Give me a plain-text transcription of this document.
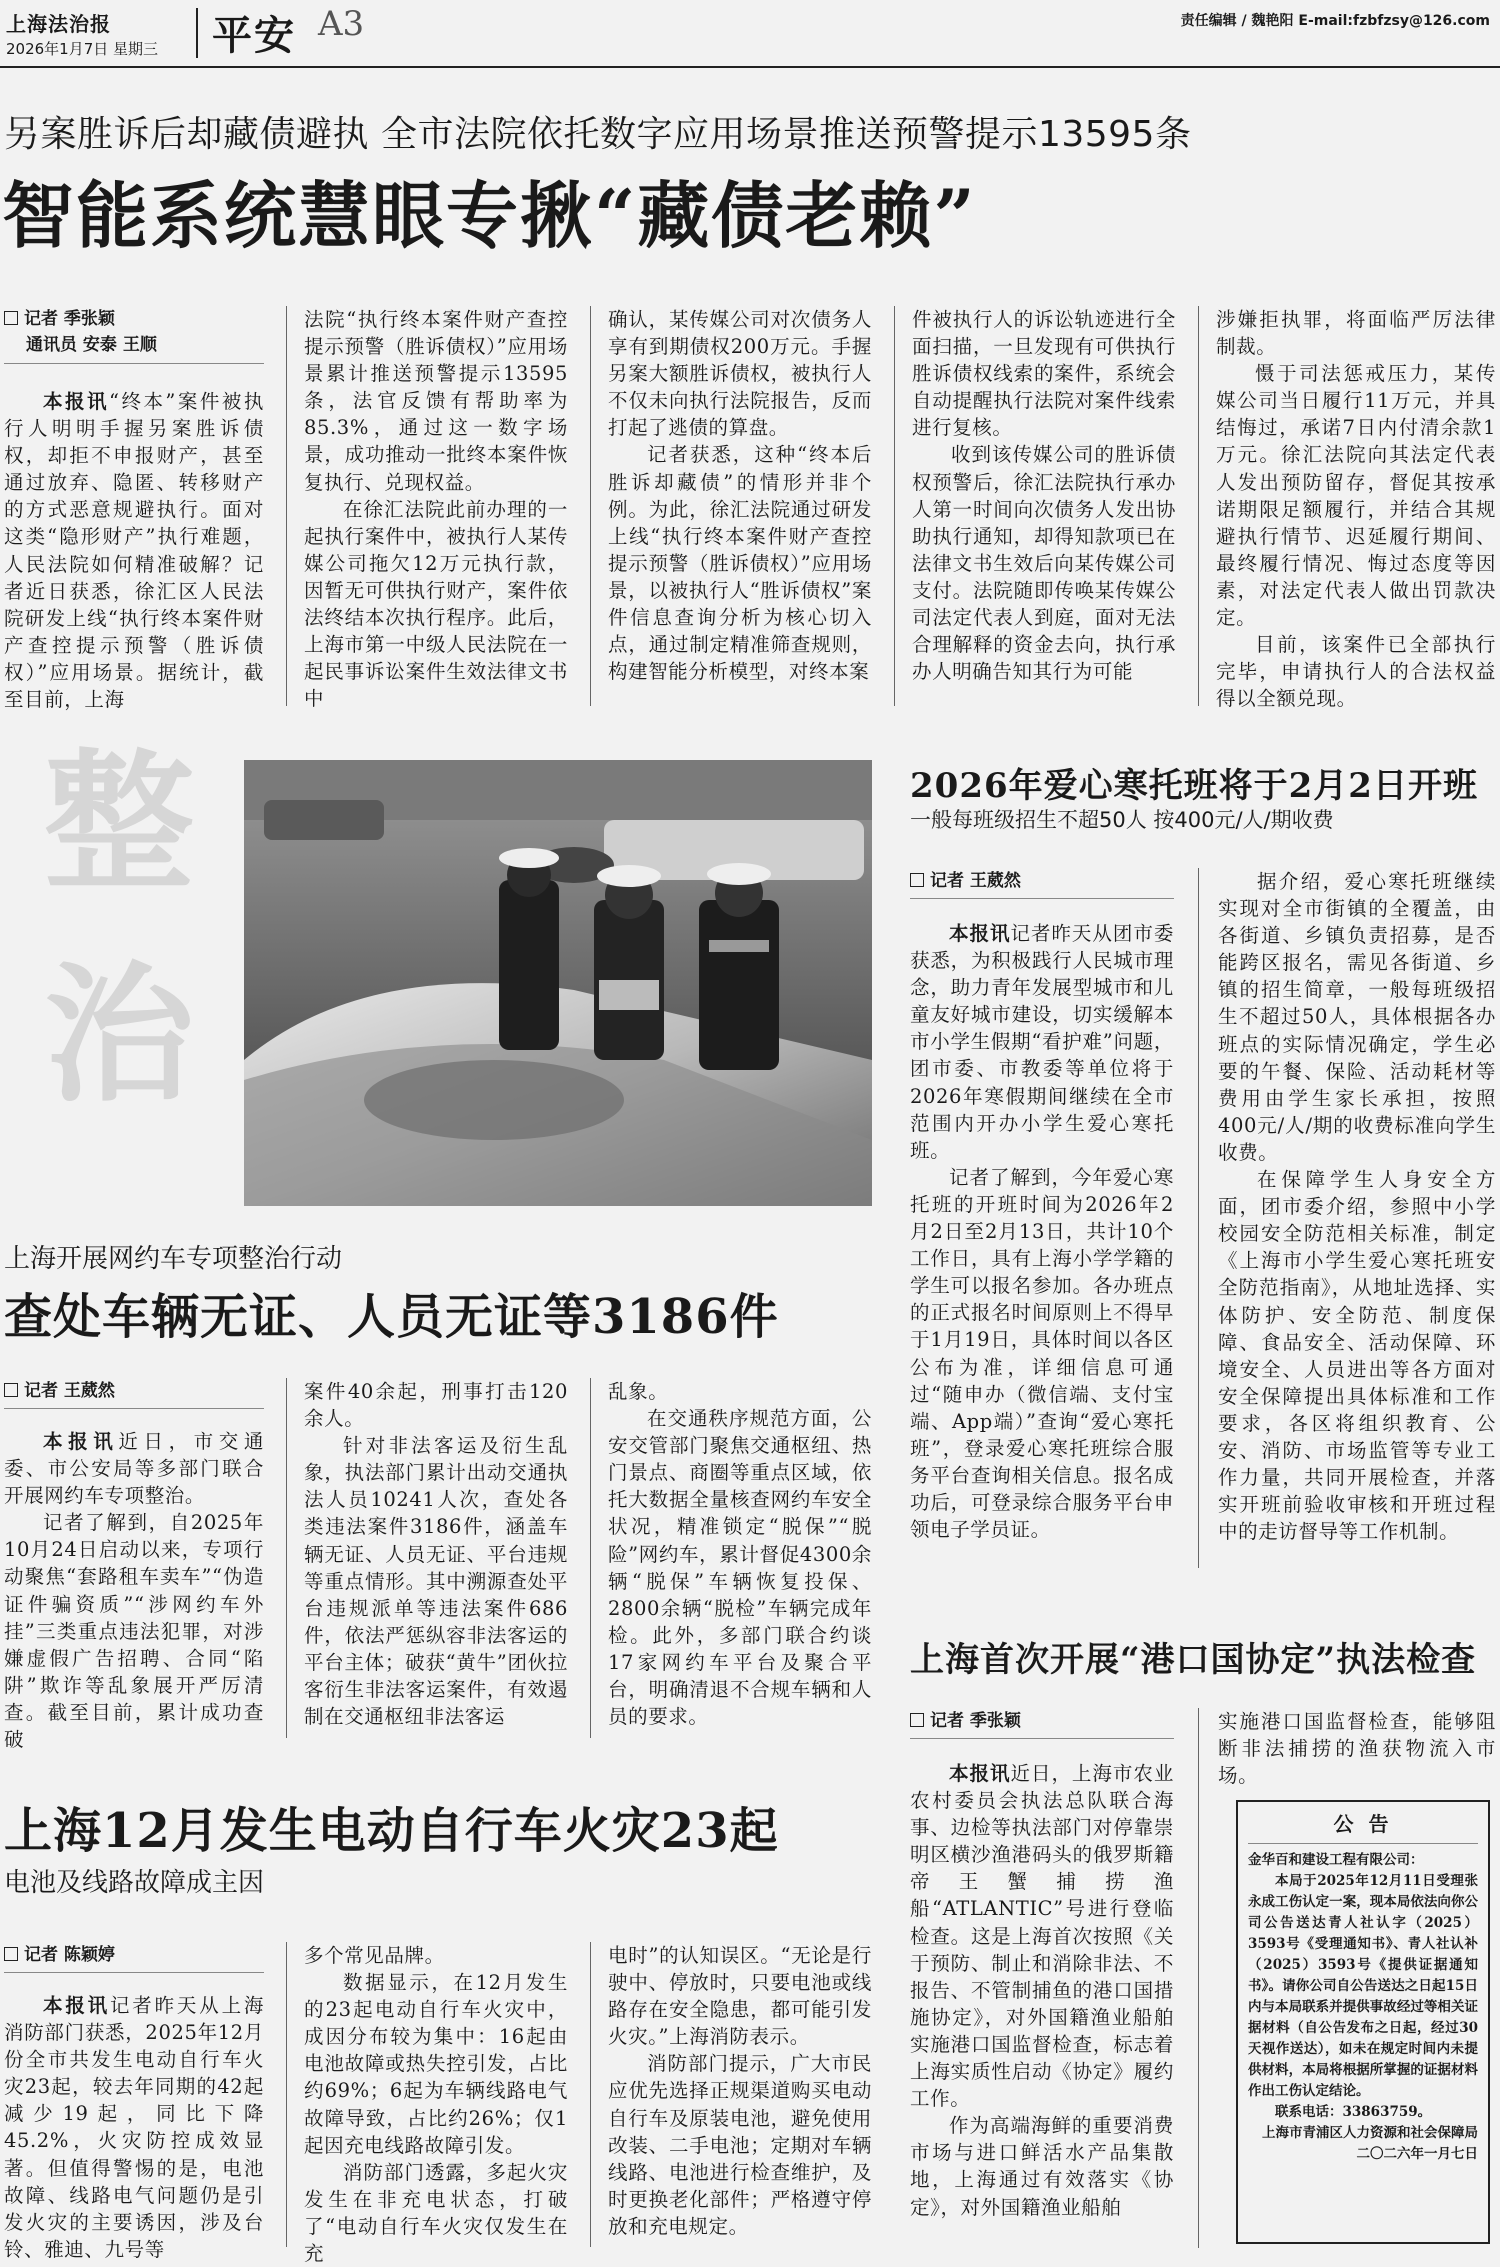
上海法治报
2026年1月7日 星期三 平安 A3	责任编辑 / 魏艳阳 E-mail:fzbfzsy@126.com
另案胜诉后却藏债避执 全市法院依托数字应用场景推送预警提示13595条
智能系统慧眼专揪“藏债老赖”
记者 季张颖
通讯员 安泰 王顺

本报讯“终本”案件被执行人明明手握另案胜诉债权，却拒不申报财产，甚至通过放弃、隐匿、转移财产的方式恶意规避执行。面对这类“隐形财产”执行难题，人民法院如何精准破解？记者近日获悉，徐汇区人民法院研发上线“执行终本案件财产查控提示预警（胜诉债权）”应用场景。据统计，截至目前，上海

法院“执行终本案件财产查控提示预警（胜诉债权）”应用场景累计推送预警提示13595条，法官反馈有帮助率为85.3%，通过这一数字场景，成功推动一批终本案件恢复执行、兑现权益。

在徐汇法院此前办理的一起执行案件中，被执行人某传媒公司拖欠12万元执行款，因暂无可供执行财产，案件依法终结本次执行程序。此后，上海市第一中级人民法院在一起民事诉讼案件生效法律文书中

确认，某传媒公司对次债务人享有到期债权200万元。手握另案大额胜诉债权，被执行人不仅未向执行法院报告，反而打起了逃债的算盘。

记者获悉，这种“终本后胜诉却藏债”的情形并非个例。为此，徐汇法院通过研发上线“执行终本案件财产查控提示预警（胜诉债权）”应用场景，以被执行人“胜诉债权”案件信息查询分析为核心切入点，通过制定精准筛查规则，构建智能分析模型，对终本案

件被执行人的诉讼轨迹进行全面扫描，一旦发现有可供执行胜诉债权线索的案件，系统会自动提醒执行法院对案件线索进行复核。

收到该传媒公司的胜诉债权预警后，徐汇法院执行承办人第一时间向次债务人发出协助执行通知，却得知款项已在法律文书生效后向某传媒公司支付。法院随即传唤某传媒公司法定代表人到庭，面对无法合理解释的资金去向，执行承办人明确告知其行为可能

涉嫌拒执罪，将面临严厉法律制裁。

慑于司法惩戒压力，某传媒公司当日履行11万元，并具结悔过，承诺7日内付清余款1万元。徐汇法院向其法定代表人发出预防留存，督促其按承诺期限足额履行，并结合其规避执行情节、迟延履行期间、最终履行情况、悔过态度等因素，对法定代表人做出罚款决定。

目前，该案件已全部执行完毕，申请执行人的合法权益得以全额兑现。

整
治
上海开展网约车专项整治行动
查处车辆无证、人员无证等3186件
记者 王葳然

本报讯近日，市交通委、市公安局等多部门联合开展网约车专项整治。

记者了解到，自2025年10月24日启动以来，专项行动聚焦“套路租车卖车”“伪造证件骗资质”“涉网约车外挂”三类重点违法犯罪，对涉嫌虚假广告招聘、合同“陷阱”欺诈等乱象展开严厉清查。截至目前，累计成功查破

案件40余起，刑事打击120余人。

针对非法客运及衍生乱象，执法部门累计出动交通执法人员10241人次，查处各类违法案件3186件，涵盖车辆无证、人员无证、平台违规等重点情形。其中溯源查处平台违规派单等违法案件686件，依法严惩纵容非法客运的平台主体；破获“黄牛”团伙拉客衍生非法客运案件，有效遏制在交通枢纽非法客运

乱象。

在交通秩序规范方面，公安交管部门聚焦交通枢纽、热门景点、商圈等重点区域，依托大数据全量核查网约车安全状况，精准锁定“脱保”“脱险”网约车，累计督促4300余辆“脱保”车辆恢复投保、2800余辆“脱检”车辆完成年检。此外，多部门联合约谈17家网约车平台及聚合平台，明确清退不合规车辆和人员的要求。

上海12月发生电动自行车火灾23起
电池及线路故障成主因
记者 陈颖婷

本报讯记者昨天从上海消防部门获悉，2025年12月份全市共发生电动自行车火灾23起，较去年同期的42起减少19起，同比下降45.2%，火灾防控成效显著。但值得警惕的是，电池故障、线路电气问题仍是引发火灾的主要诱因，涉及台铃、雅迪、九号等

多个常见品牌。

数据显示，在12月发生的23起电动自行车火灾中，成因分布较为集中：16起由电池故障或热失控引发，占比约69%；6起为车辆线路电气故障导致，占比约26%；仅1起因充电线路故障引发。

消防部门透露，多起火灾发生在非充电状态，打破了“电动自行车火灾仅发生在充

电时”的认知误区。“无论是行驶中、停放时，只要电池或线路存在安全隐患，都可能引发火灾。”上海消防表示。

消防部门提示，广大市民应优先选择正规渠道购买电动自行车及原装电池，避免使用改装、二手电池；定期对车辆线路、电池进行检查维护，及时更换老化部件；严格遵守停放和充电规定。

2026年爱心寒托班将于2月2日开班
一般每班级招生不超50人 按400元/人/期收费
记者 王葳然

本报讯记者昨天从团市委获悉，为积极践行人民城市理念，助力青年发展型城市和儿童友好城市建设，切实缓解本市小学生假期“看护难”问题，团市委、市教委等单位将于2026年寒假期间继续在全市范围内开办小学生爱心寒托班。

记者了解到，今年爱心寒托班的开班时间为2026年2月2日至2月13日，共计10个工作日，具有上海小学学籍的学生可以报名参加。各办班点的正式报名时间原则上不得早于1月19日，具体时间以各区公布为准，详细信息可通过“随申办（微信端、支付宝端、App端）”查询“爱心寒托班”，登录爱心寒托班综合服务平台查询相关信息。报名成功后，可登录综合服务平台申领电子学员证。

据介绍，爱心寒托班继续实现对全市街镇的全覆盖，由各街道、乡镇负责招募，是否能跨区报名，需见各街道、乡镇的招生简章，一般每班级招生不超过50人，具体根据各办班点的实际情况确定，学生必要的午餐、保险、活动耗材等费用由学生家长承担，按照400元/人/期的收费标准向学生收费。

在保障学生人身安全方面，团市委介绍，参照中小学校园安全防范相关标准，制定《上海市小学生爱心寒托班安全防范指南》，从地址选择、实体防护、安全防范、制度保障、食品安全、活动保障、环境安全、人员进出等各方面对安全保障提出具体标准和工作要求，各区将组织教育、公安、消防、市场监管等专业工作力量，共同开展检查，并落实开班前验收审核和开班过程中的走访督导等工作机制。

上海首次开展“港口国协定”执法检查
记者 季张颖

本报讯近日，上海市农业农村委员会执法总队联合海事、边检等执法部门对停靠崇明区横沙渔港码头的俄罗斯籍帝王蟹捕捞渔船“ATLANTIC”号进行登临检查。这是上海首次按照《关于预防、制止和消除非法、不报告、不管制捕鱼的港口国措施协定》，对外国籍渔业船舶实施港口国监督检查，标志着上海实质性启动《协定》履约工作。

作为高端海鲜的重要消费市场与进口鲜活水产品集散地，上海通过有效落实《协定》，对外国籍渔业船舶

实施港口国监督检查，能够阻断非法捕捞的渔获物流入市场。

公 告
金华百和建设工程有限公司：
本局于2025年12月11日受理张永成工伤认定一案，现本局依法向你公司公告送达青人社认字（2025）3593号《受理通知书》、青人社认补（2025）3593号《提供证据通知书》。请你公司自公告送达之日起15日内与本局联系并提供事故经过等相关证据材料（自公告发布之日起，经过30天视作送达），如未在规定时间内未提供材料，本局将根据所掌握的证据材料作出工伤认定结论。
联系电话：33863759。
上海市青浦区人力资源和社会保障局
二〇二六年一月七日
